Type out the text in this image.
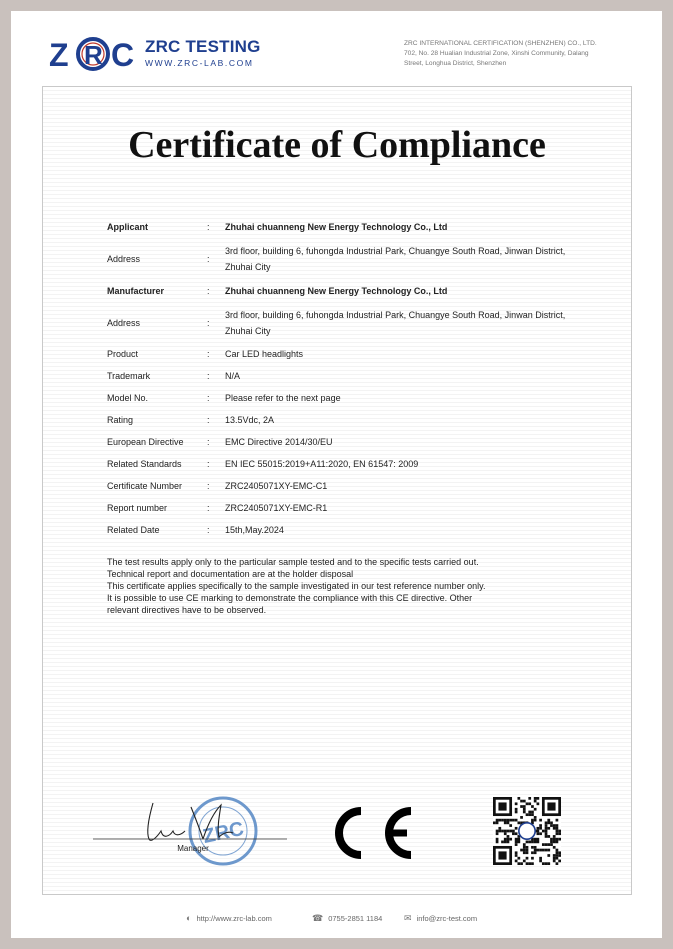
Z R C ZRC TESTING
WWW.ZRC-LAB.COM
ZRC INTERNATIONAL CERTIFICATION (SHENZHEN) CO., LTD.
702, No. 28 Hualian Industrial Zone, Xinshi Community, Dalang
Street, Longhua District, Shenzhen
Certificate of Compliance
Applicant	:	Zhuhai chuanneng New Energy Technology Co., Ltd
Address	:
3rd floor, building 6, fuhongda Industrial Park, Chuangye South Road, Jinwan District, Zhuhai City
Manufacturer	:	Zhuhai chuanneng New Energy Technology Co., Ltd
Address	:
3rd floor, building 6, fuhongda Industrial Park, Chuangye South Road, Jinwan District, Zhuhai City
Product	:	Car LED headlights
Trademark	:	N/A
Model No.	:	Please refer to the next page
Rating	:	13.5Vdc, 2A
European Directive	:	EMC Directive 2014/30/EU
Related Standards	:	EN IEC 55015:2019+A11:2020, EN 61547: 2009
Certificate Number	:	ZRC2405071XY-EMC-C1
Report number	:	ZRC2405071XY-EMC-R1
Related Date	:	15th,May.2024
The test results apply only to the particular sample tested and to the specific tests carried out.
Technical report and documentation are at the holder disposal
This certificate applies specifically to the sample investigated in our test reference number only.
It is possible to use CE marking to demonstrate the compliance with this CE directive. Other
relevant directives have to be observed.
ZRC
Manager
◐ http://www.zrc-lab.com	☎ 0755-2851 1184 ✉ info@zrc-test.com
